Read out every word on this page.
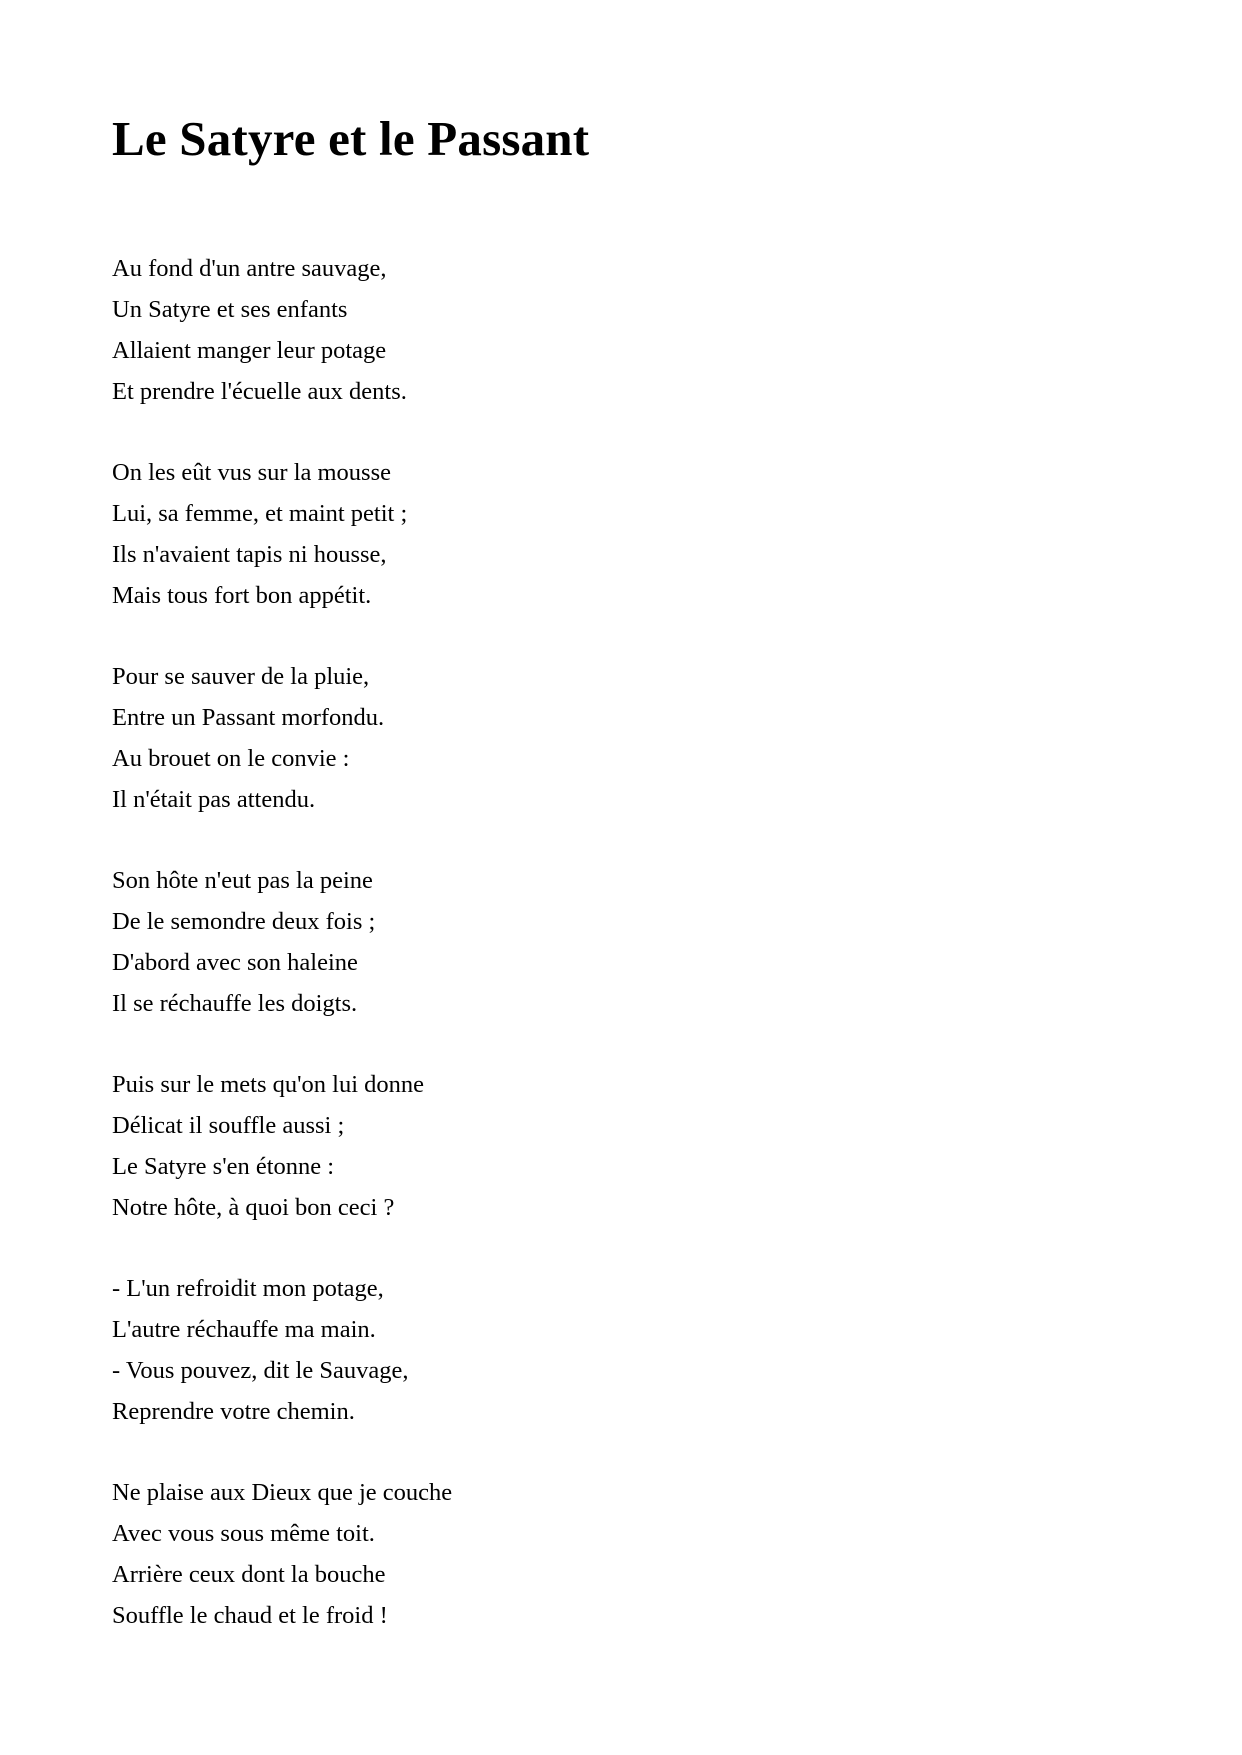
Le Satyre et le Passant
Au fond d'un antre sauvage,
Un Satyre et ses enfants
Allaient manger leur potage
Et prendre l'écuelle aux dents.
On les eût vus sur la mousse
Lui, sa femme, et maint petit ;
Ils n'avaient tapis ni housse,
Mais tous fort bon appétit.
Pour se sauver de la pluie,
Entre un Passant morfondu.
Au brouet on le convie :
Il n'était pas attendu.
Son hôte n'eut pas la peine
De le semondre deux fois ;
D'abord avec son haleine
Il se réchauffe les doigts.
Puis sur le mets qu'on lui donne
Délicat il souffle aussi ;
Le Satyre s'en étonne :
Notre hôte, à quoi bon ceci ?
- L'un refroidit mon potage,
L'autre réchauffe ma main.
- Vous pouvez, dit le Sauvage,
Reprendre votre chemin.
Ne plaise aux Dieux que je couche
Avec vous sous même toit.
Arrière ceux dont la bouche
Souffle le chaud et le froid !
